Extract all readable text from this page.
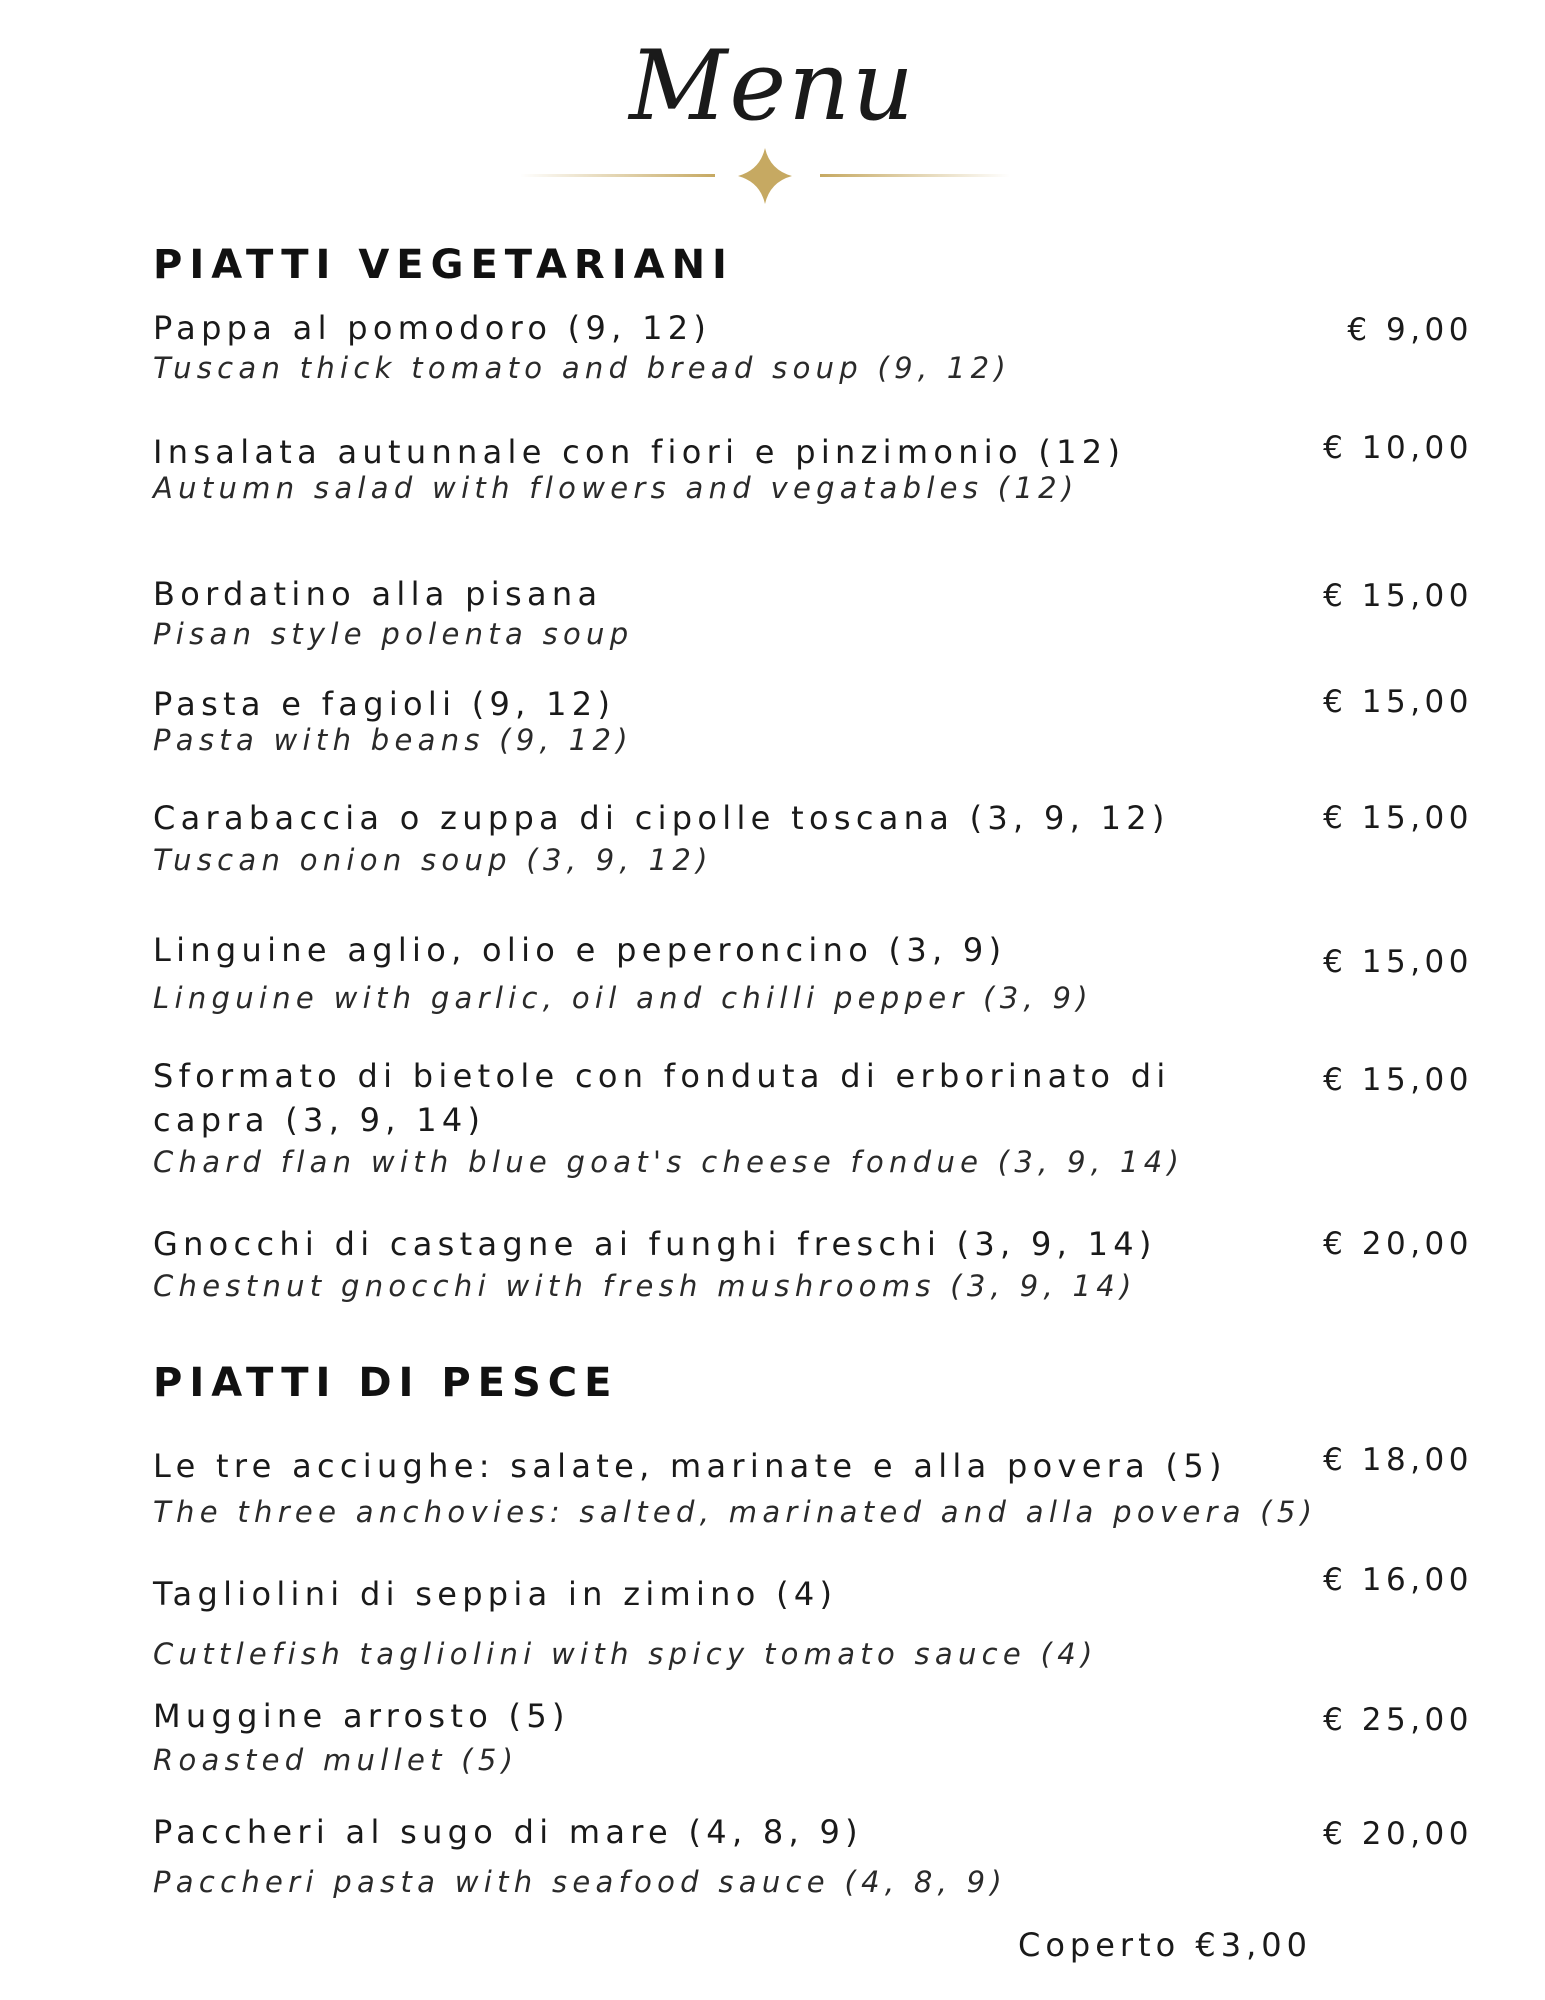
Menu
PIATTI VEGETARIANI
Pappa al pomodoro (9, 12)
Tuscan thick tomato and bread soup (9, 12)
€ 9,00
Insalata autunnale con fiori e pinzimonio (12)
Autumn salad with flowers and vegatables (12)
€ 10,00
Bordatino alla pisana
Pisan style polenta soup
€ 15,00
Pasta e fagioli (9, 12)
Pasta with beans (9, 12)
€ 15,00
Carabaccia o zuppa di cipolle toscana (3, 9, 12)
Tuscan onion soup (3, 9, 12)
€ 15,00
Linguine aglio, olio e peperoncino (3, 9)
Linguine with garlic, oil and chilli pepper (3, 9)
€ 15,00
Sformato di bietole con fonduta di erborinato di capra (3, 9, 14)
Chard flan with blue goat's cheese fondue (3, 9, 14)
€ 15,00
Gnocchi di castagne ai funghi freschi (3, 9, 14)
Chestnut gnocchi with fresh mushrooms (3, 9, 14)
€ 20,00
PIATTI DI PESCE
Le tre acciughe: salate, marinate e alla povera (5)
The three anchovies: salted, marinated and alla povera (5)
€ 18,00
Tagliolini di seppia in zimino (4)
Cuttlefish tagliolini with spicy tomato sauce (4)
€ 16,00
Muggine arrosto (5)
Roasted mullet (5)
€ 25,00
Paccheri al sugo di mare (4, 8, 9)
Paccheri pasta with seafood sauce (4, 8, 9)
€ 20,00
Coperto €3,00
